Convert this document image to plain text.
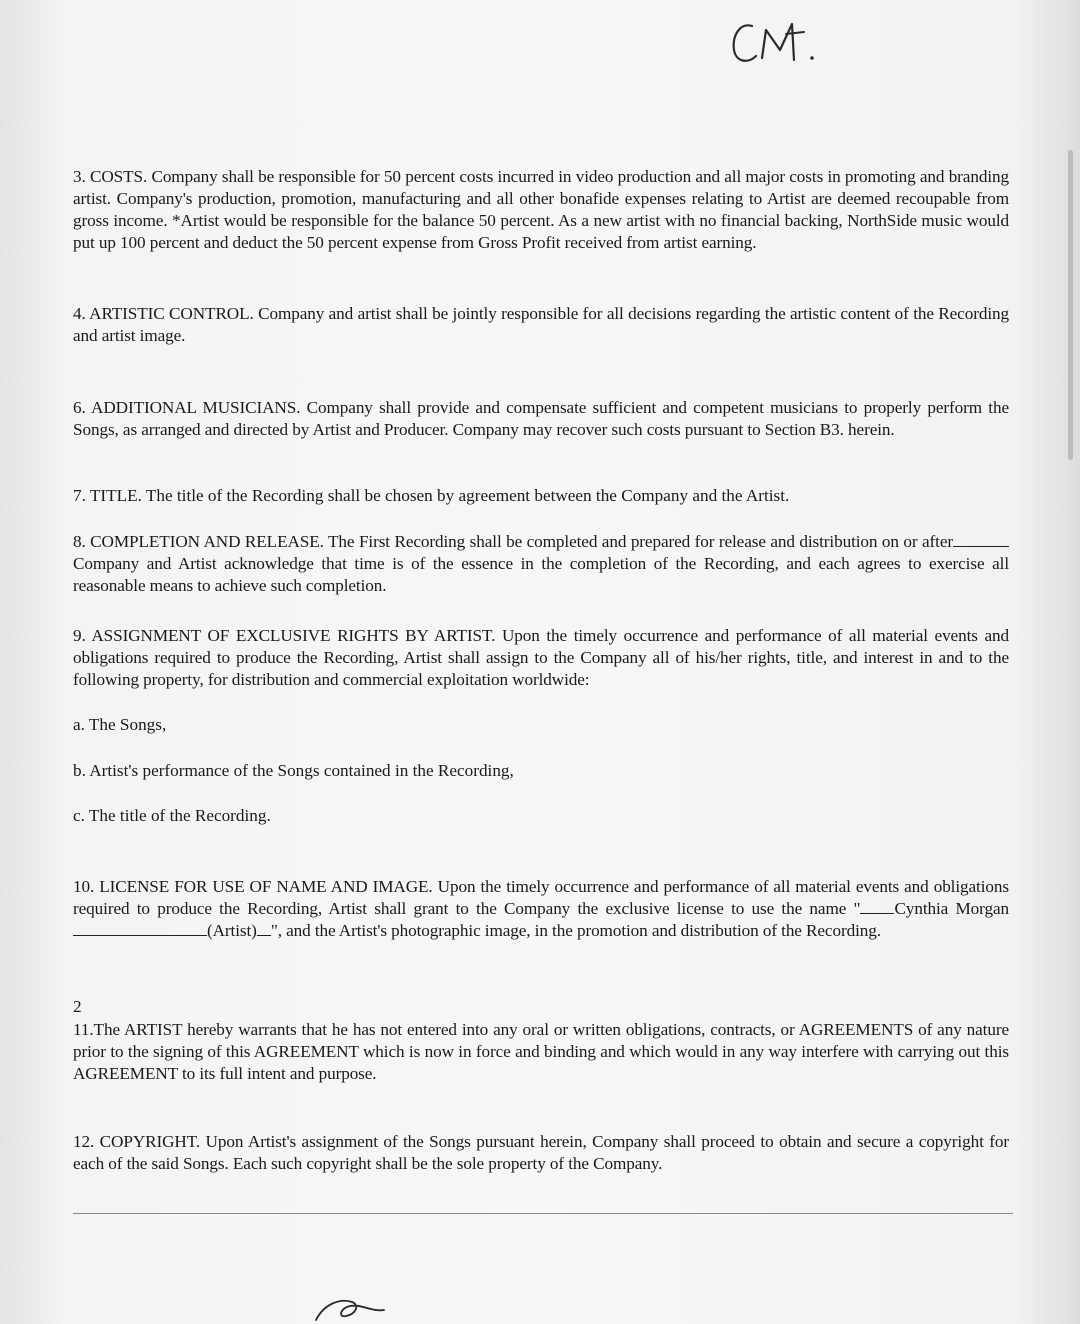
3. COSTS. Company shall be responsible for 50 percent costs incurred in video production and all major costs in promoting and branding artist. Company's production, promotion, manufacturing and all other bonafide expenses relating to Artist are deemed recoupable from gross income. *Artist would be responsible for the balance 50 percent. As a new artist with no financial backing, NorthSide music would put up 100 percent and deduct the 50 percent expense from Gross Profit received from artist earning.

4. ARTISTIC CONTROL. Company and artist shall be jointly responsible for all decisions regarding the artistic content of the Recording and artist image.

6. ADDITIONAL MUSICIANS. Company shall provide and compensate sufficient and competent musicians to properly perform the Songs, as arranged and directed by Artist and Producer. Company may recover such costs pursuant to Section B3. herein.

7. TITLE. The title of the Recording shall be chosen by agreement between the Company and the Artist.

8. COMPLETION AND RELEASE. The First Recording shall be completed and prepared for release and distribution on or after Company and Artist acknowledge that time is of the essence in the completion of the Recording, and each agrees to exercise all reasonable means to achieve such completion.

9. ASSIGNMENT OF EXCLUSIVE RIGHTS BY ARTIST. Upon the timely occurrence and performance of all material events and obligations required to produce the Recording, Artist shall assign to the Company all of his/her rights, title, and interest in and to the following property, for distribution and commercial exploitation worldwide:

a. The Songs,

b. Artist's performance of the Songs contained in the Recording,

c. The title of the Recording.

10. LICENSE FOR USE OF NAME AND IMAGE. Upon the timely occurrence and performance of all material events and obligations required to produce the Recording, Artist shall grant to the Company the exclusive license to use the name " Cynthia Morgan(Artist) ", and the Artist's photographic image, in the promotion and distribution of the Recording.

2

11.The ARTIST hereby warrants that he has not entered into any oral or written obligations, contracts, or AGREEMENTS of any nature prior to the signing of this AGREEMENT which is now in force and binding and which would in any way interfere with carrying out this AGREEMENT to its full intent and purpose.

12. COPYRIGHT. Upon Artist's assignment of the Songs pursuant herein, Company shall proceed to obtain and secure a copyright for each of the said Songs. Each such copyright shall be the sole property of the Company.
